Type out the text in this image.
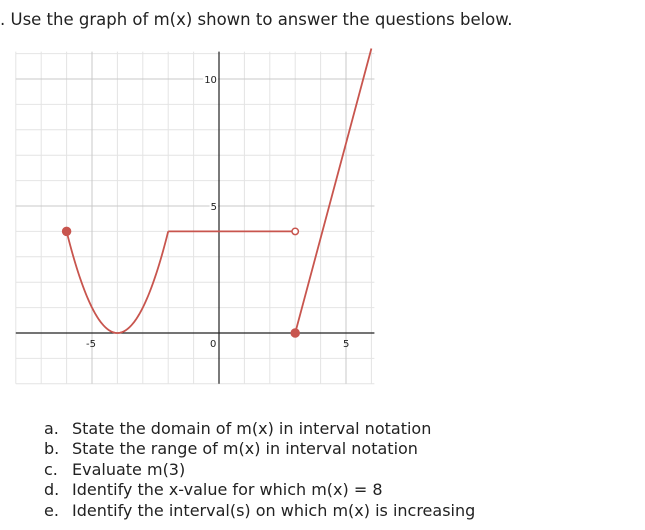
. Use the graph of m(x) shown to answer the questions below.

-5	0	5
5
10
a. State the domain of m(x) in interval notation
b. State the range of m(x) in interval notation
c. Evaluate m(3)
d. Identify the x-value for which m(x) = 8
e. Identify the interval(s) on which m(x) is increasing
